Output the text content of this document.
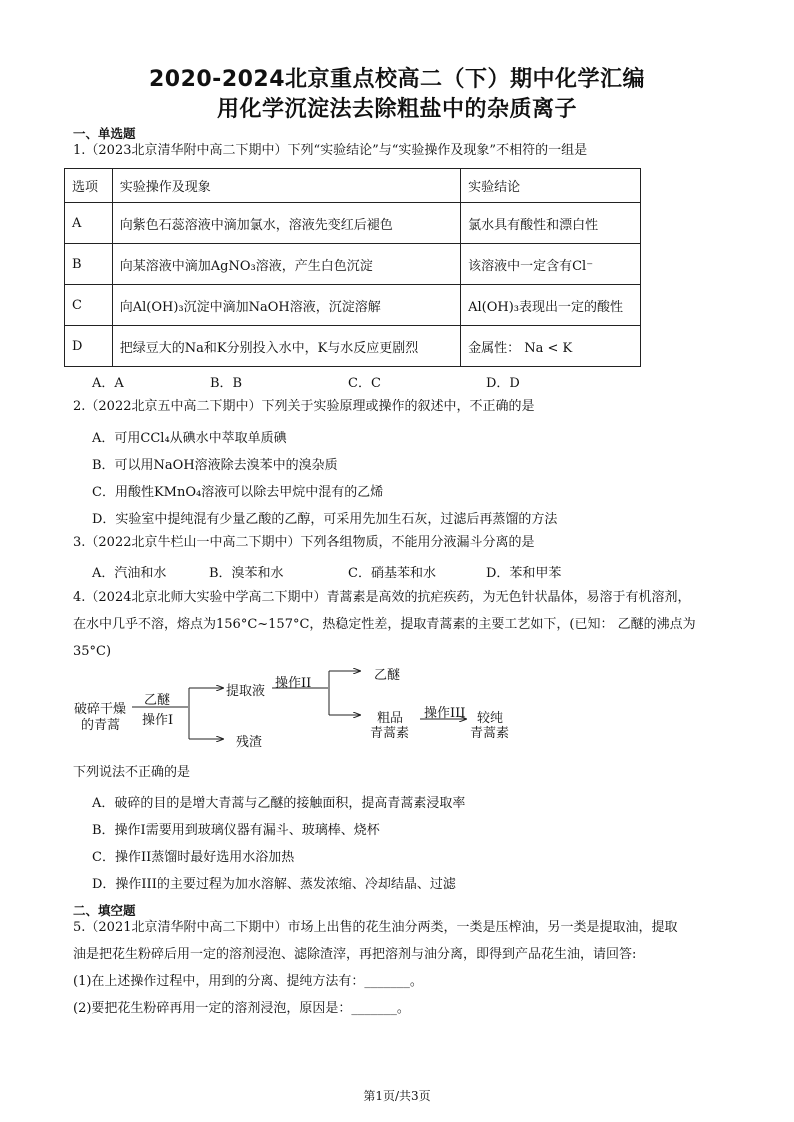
2020-2024北京重点校高二（下）期中化学汇编
用化学沉淀法去除粗盐中的杂质离子
一、单选题
1.（2023北京清华附中高二下期中）下列“实验结论”与“实验操作及现象”不相符的一组是
选项	实验操作及现象	实验结论
A	向紫色石蕊溶液中滴加氯水，溶液先变红后褪色	氯水具有酸性和漂白性
B	向某溶液中滴加AgNO₃溶液，产生白色沉淀	该溶液中一定含有Cl⁻
C	向Al(OH)₃沉淀中滴加NaOH溶液，沉淀溶解	Al(OH)₃表现出一定的酸性
D	把绿豆大的Na和K分别投入水中，K与水反应更剧烈	金属性： Na < K
A．A	B．B	C．C	D．D
2.（2022北京五中高二下期中）下列关于实验原理或操作的叙述中，不正确的是
A．可用CCl₄从碘水中萃取单质碘
B．可以用NaOH溶液除去溴苯中的溴杂质
C．用酸性KMnO₄溶液可以除去甲烷中混有的乙烯
D．实验室中提纯混有少量乙酸的乙醇，可采用先加生石灰，过滤后再蒸馏的方法
3.（2022北京牛栏山一中高二下期中）下列各组物质，不能用分液漏斗分离的是
A．汽油和水	B．溴苯和水	C．硝基苯和水	D．苯和甲苯
4.（2024北京北师大实验中学高二下期中）青蒿素是高效的抗疟疾药，为无色针状晶体，易溶于有机溶剂，
在水中几乎不溶，熔点为156°C~157°C，热稳定性差，提取青蒿素的主要工艺如下，(已知： 乙醚的沸点为
35°C)
破碎干燥
的青蒿
乙醚
操作I
提取液
残渣
操作II
乙醚
粗品
青蒿素
操作III 较纯
青蒿素
下列说法不正确的是
A．破碎的目的是增大青蒿与乙醚的接触面积，提高青蒿素浸取率
B．操作I需要用到玻璃仪器有漏斗、玻璃棒、烧杯
C．操作II蒸馏时最好选用水浴加热
D．操作III的主要过程为加水溶解、蒸发浓缩、冷却结晶、过滤
二、填空题
5.（2021北京清华附中高二下期中）市场上出售的花生油分两类，一类是压榨油，另一类是提取油，提取
油是把花生粉碎后用一定的溶剂浸泡、滤除渣滓，再把溶剂与油分离，即得到产品花生油，请回答:
(1)在上述操作过程中，用到的分离、提纯方法有：_______。
(2)要把花生粉碎再用一定的溶剂浸泡，原因是：_______。
第1页/共3页
